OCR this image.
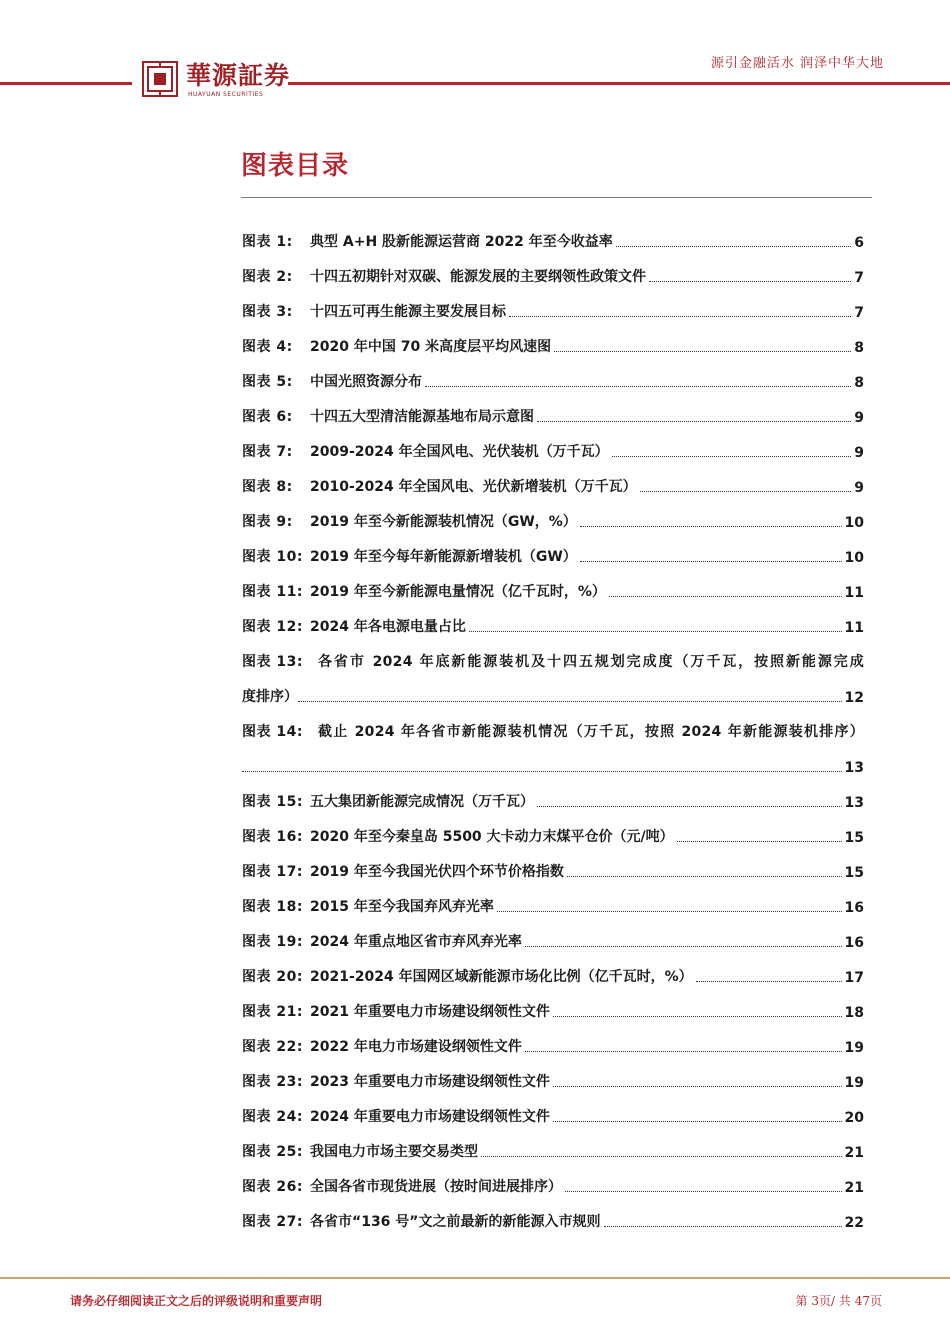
華源証券
HUAYUAN SECURITIES
源引金融活水 润泽中华大地
图表目录
图表 1:	典型 A+H 股新能源运营商 2022 年至今收益率	6
图表 2:	十四五初期针对双碳、能源发展的主要纲领性政策文件	7
图表 3:	十四五可再生能源主要发展目标	7
图表 4:	2020 年中国 70 米高度层平均风速图	8
图表 5:	中国光照资源分布	8
图表 6:	十四五大型清洁能源基地布局示意图	9
图表 7:	2009-2024 年全国风电、光伏装机（万千瓦）	9
图表 8:	2010-2024 年全国风电、光伏新增装机（万千瓦）	9
图表 9:	2019 年至今新能源装机情况（GW，%）	10
图表 10: 2019 年至今每年新能源新增装机（GW）	10
图表 11: 2019 年至今新能源电量情况（亿千瓦时，%）	11
图表 12: 2024 年各电源电量占比	11
图表 13:	各省市 2024 年底新能源装机及十四五规划完成度（万千瓦，按照新能源完成
度排序）	12
图表 14:	截止 2024 年各省市新能源装机情况（万千瓦，按照 2024 年新能源装机排序）
13
图表 15: 五大集团新能源完成情况（万千瓦）	13
图表 16: 2020 年至今秦皇岛 5500 大卡动力末煤平仓价（元/吨）	15
图表 17: 2019 年至今我国光伏四个环节价格指数	15
图表 18: 2015 年至今我国弃风弃光率	16
图表 19: 2024 年重点地区省市弃风弃光率	16
图表 20: 2021-2024 年国网区域新能源市场化比例（亿千瓦时，%）	17
图表 21: 2021 年重要电力市场建设纲领性文件	18
图表 22: 2022 年电力市场建设纲领性文件	19
图表 23: 2023 年重要电力市场建设纲领性文件	19
图表 24: 2024 年重要电力市场建设纲领性文件	20
图表 25: 我国电力市场主要交易类型	21
图表 26: 全国各省市现货进展（按时间进展排序）	21
图表 27: 各省市“136 号”文之前最新的新能源入市规则	22
请务必仔细阅读正文之后的评级说明和重要声明	第 3页/ 共 47页
